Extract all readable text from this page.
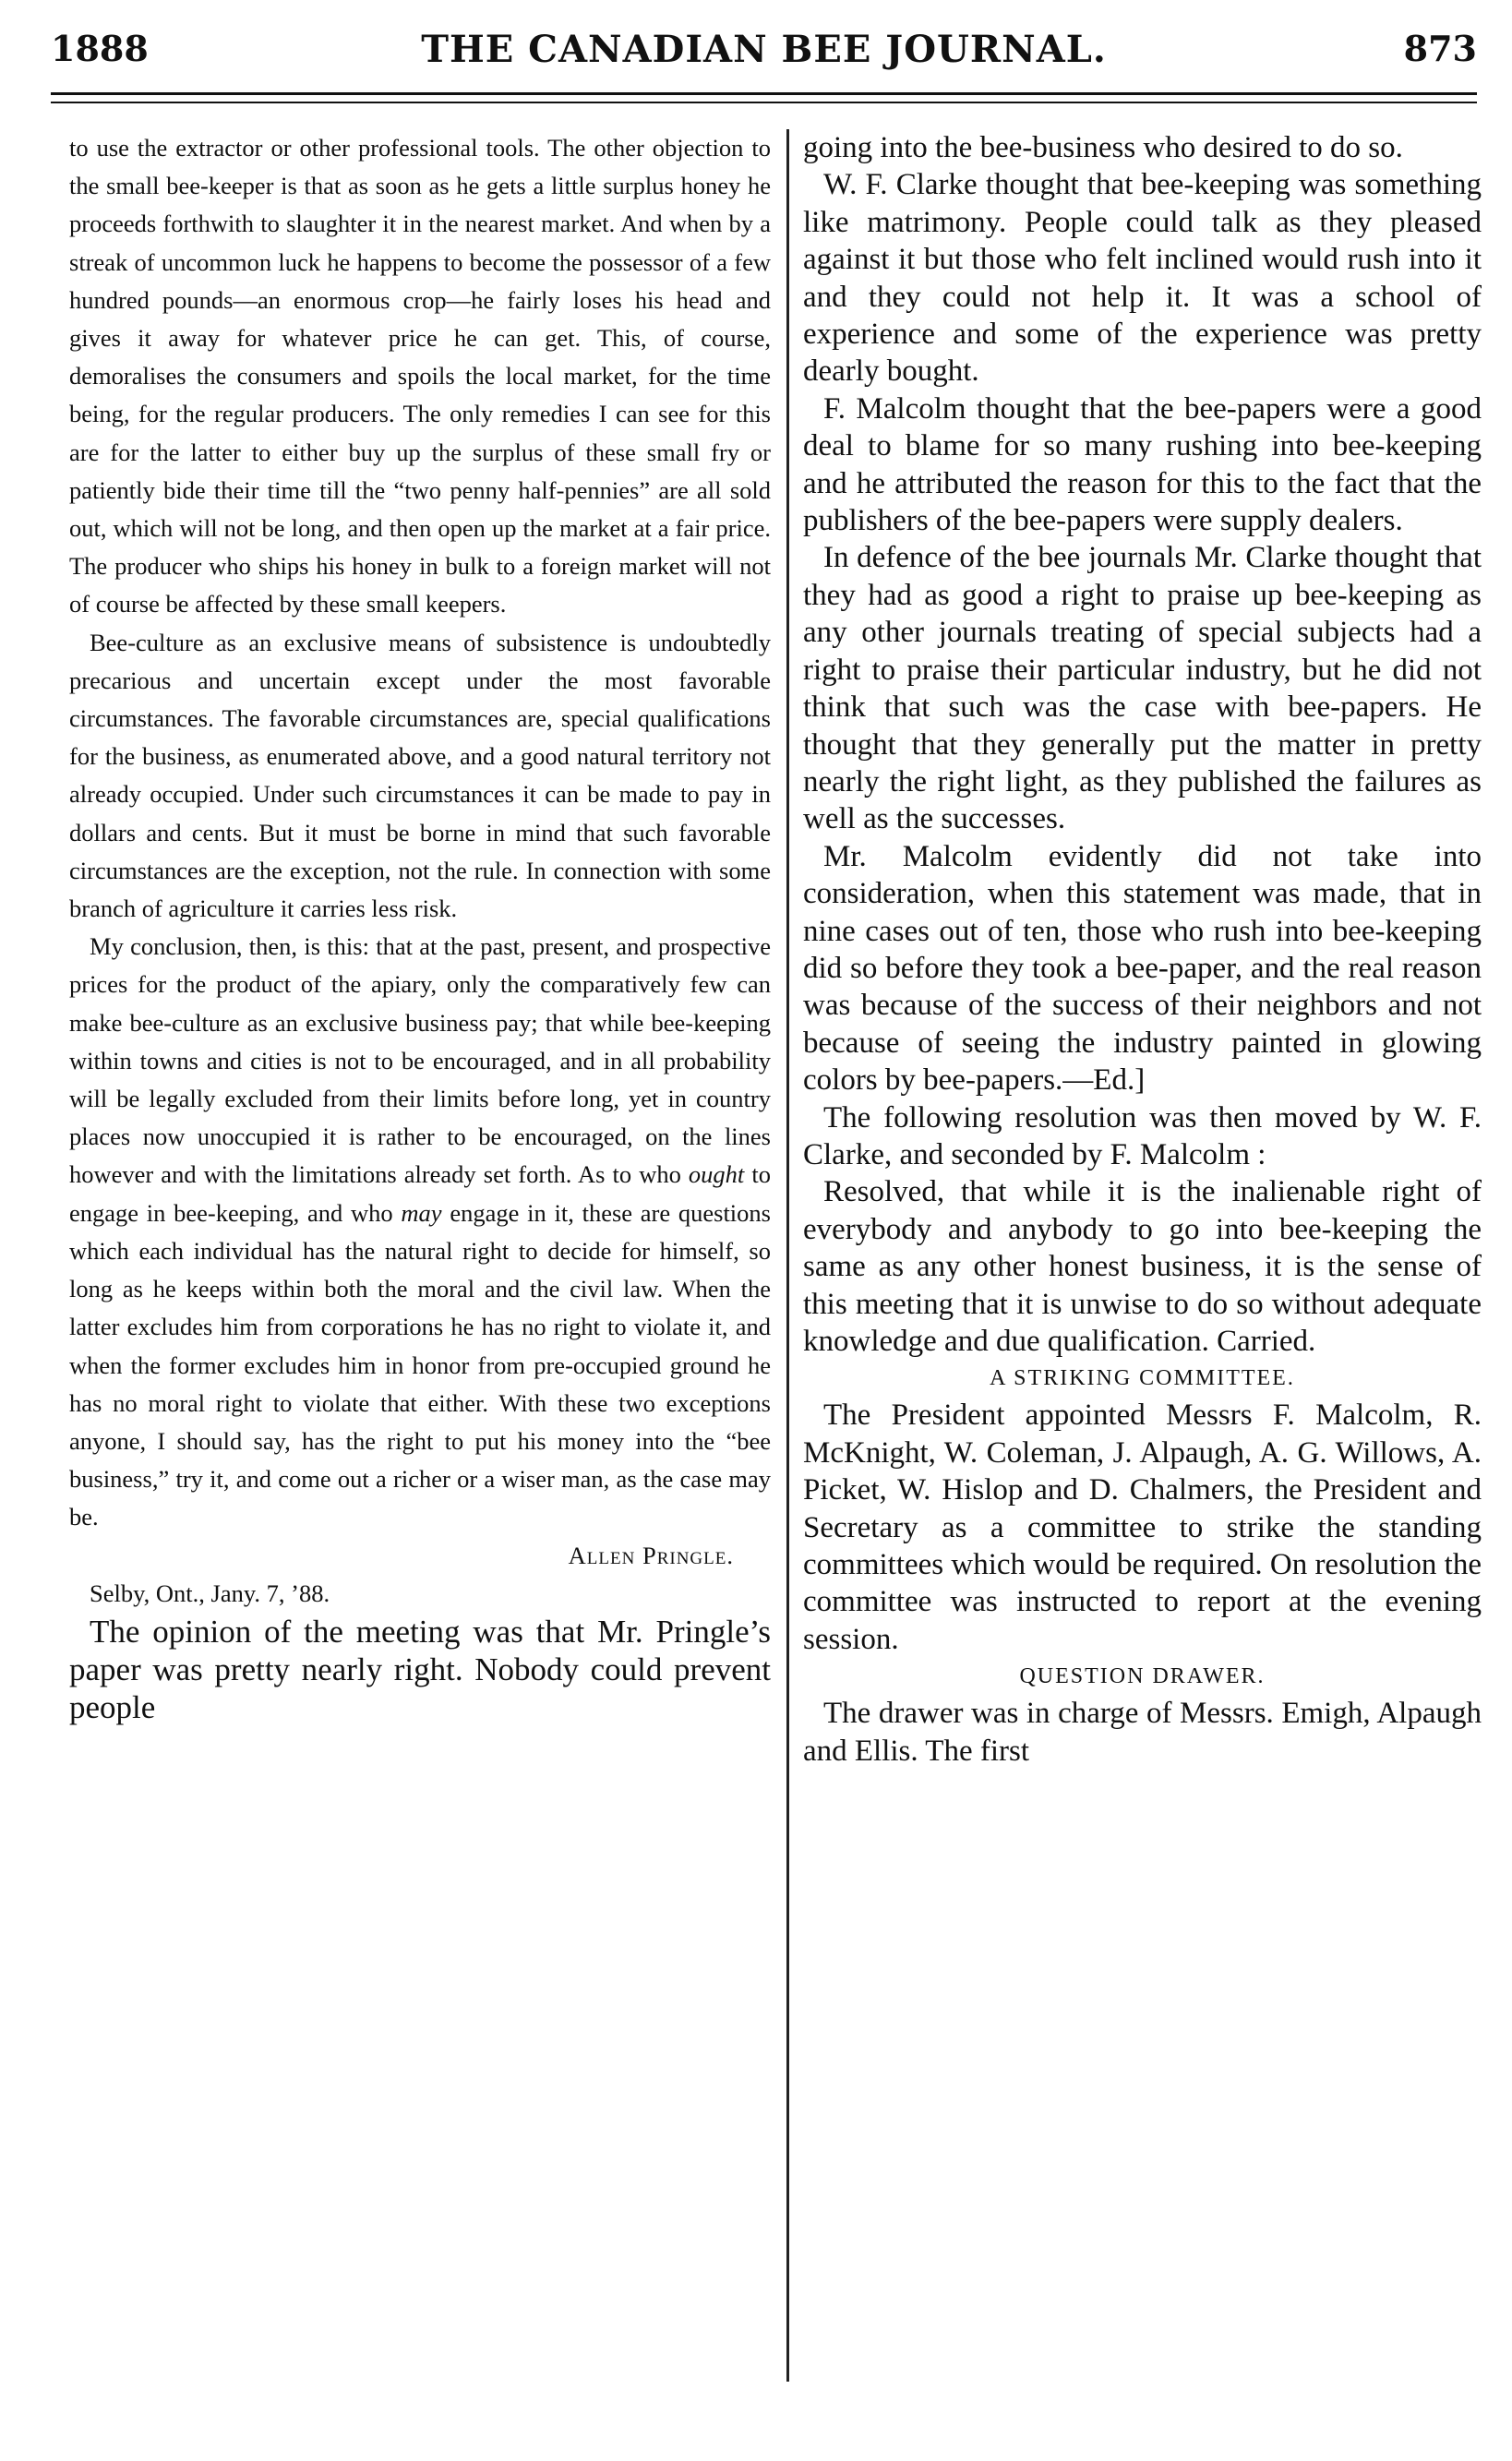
1888	THE CANADIAN BEE JOURNAL.	873

to use the extractor or other professional tools. The other objection to the small bee-keeper is that as soon as he gets a little surplus honey he proceeds forthwith to slaughter it in the nearest market. And when by a streak of uncommon luck he happens to become the possessor of a few hundred pounds—an enormous crop—he fairly loses his head and gives it away for whatever price he can get. This, of course, demoralises the consumers and spoils the local market, for the time being, for the regular producers. The only remedies I can see for this are for the latter to either buy up the surplus of these small fry or patiently bide their time till the “two penny half-pennies” are all sold out, which will not be long, and then open up the market at a fair price. The producer who ships his honey in bulk to a foreign market will not of course be affected by these small keepers.

Bee-culture as an exclusive means of subsistence is undoubtedly precarious and uncertain except under the most favorable circumstances. The favorable circumstances are, special qualifications for the business, as enumerated above, and a good natural territory not already occupied. Under such circumstances it can be made to pay in dollars and cents. But it must be borne in mind that such favorable circumstances are the exception, not the rule. In connection with some branch of agriculture it carries less risk.

My conclusion, then, is this: that at the past, present, and prospective prices for the product of the apiary, only the comparatively few can make bee-culture as an exclusive business pay; that while bee-keeping within towns and cities is not to be encouraged, and in all probability will be legally excluded from their limits before long, yet in country places now unoccupied it is rather to be encouraged, on the lines however and with the limitations already set forth. As to who ought to engage in bee-keeping, and who may engage in it, these are questions which each individual has the natural right to decide for himself, so long as he keeps within both the moral and the civil law. When the latter excludes him from corporations he has no right to violate it, and when the former excludes him in honor from pre-occupied ground he has no moral right to violate that either. With these two exceptions anyone, I should say, has the right to put his money into the “bee business,” try it, and come out a richer or a wiser man, as the case may be.

Allen Pringle.

Selby, Ont., Jany. 7, ’88.

The opinion of the meeting was that Mr. Pringle’s paper was pretty nearly right. Nobody could prevent people

going into the bee-business who desired to do so.

W. F. Clarke thought that bee-keeping was something like matrimony. People could talk as they pleased against it but those who felt inclined would rush into it and they could not help it. It was a school of experience and some of the experience was pretty dearly bought.

F. Malcolm thought that the bee-papers were a good deal to blame for so many rushing into bee-keeping and he attributed the reason for this to the fact that the publishers of the bee-papers were supply dealers.

In defence of the bee journals Mr. Clarke thought that they had as good a right to praise up bee-keeping as any other journals treating of special subjects had a right to praise their particular industry, but he did not think that such was the case with bee-papers. He thought that they generally put the matter in pretty nearly the right light, as they published the failures as well as the successes.

Mr. Malcolm evidently did not take into consideration, when this statement was made, that in nine cases out of ten, those who rush into bee-keeping did so before they took a bee-paper, and the real reason was because of the success of their neighbors and not because of seeing the industry painted in glowing colors by bee-papers.—Ed.]

The following resolution was then moved by W. F. Clarke, and seconded by F. Malcolm :

Resolved, that while it is the inalienable right of everybody and anybody to go into bee-keeping the same as any other honest business, it is the sense of this meeting that it is unwise to do so without adequate knowledge and due qualification. Carried.

A STRIKING COMMITTEE.

The President appointed Messrs F. Malcolm, R. McKnight, W. Coleman, J. Alpaugh, A. G. Willows, A. Picket, W. Hislop and D. Chalmers, the President and Secretary as a committee to strike the standing committees which would be required. On resolution the committee was instructed to report at the evening session.

QUESTION DRAWER.

The drawer was in charge of Messrs. Emigh, Alpaugh and Ellis. The first
